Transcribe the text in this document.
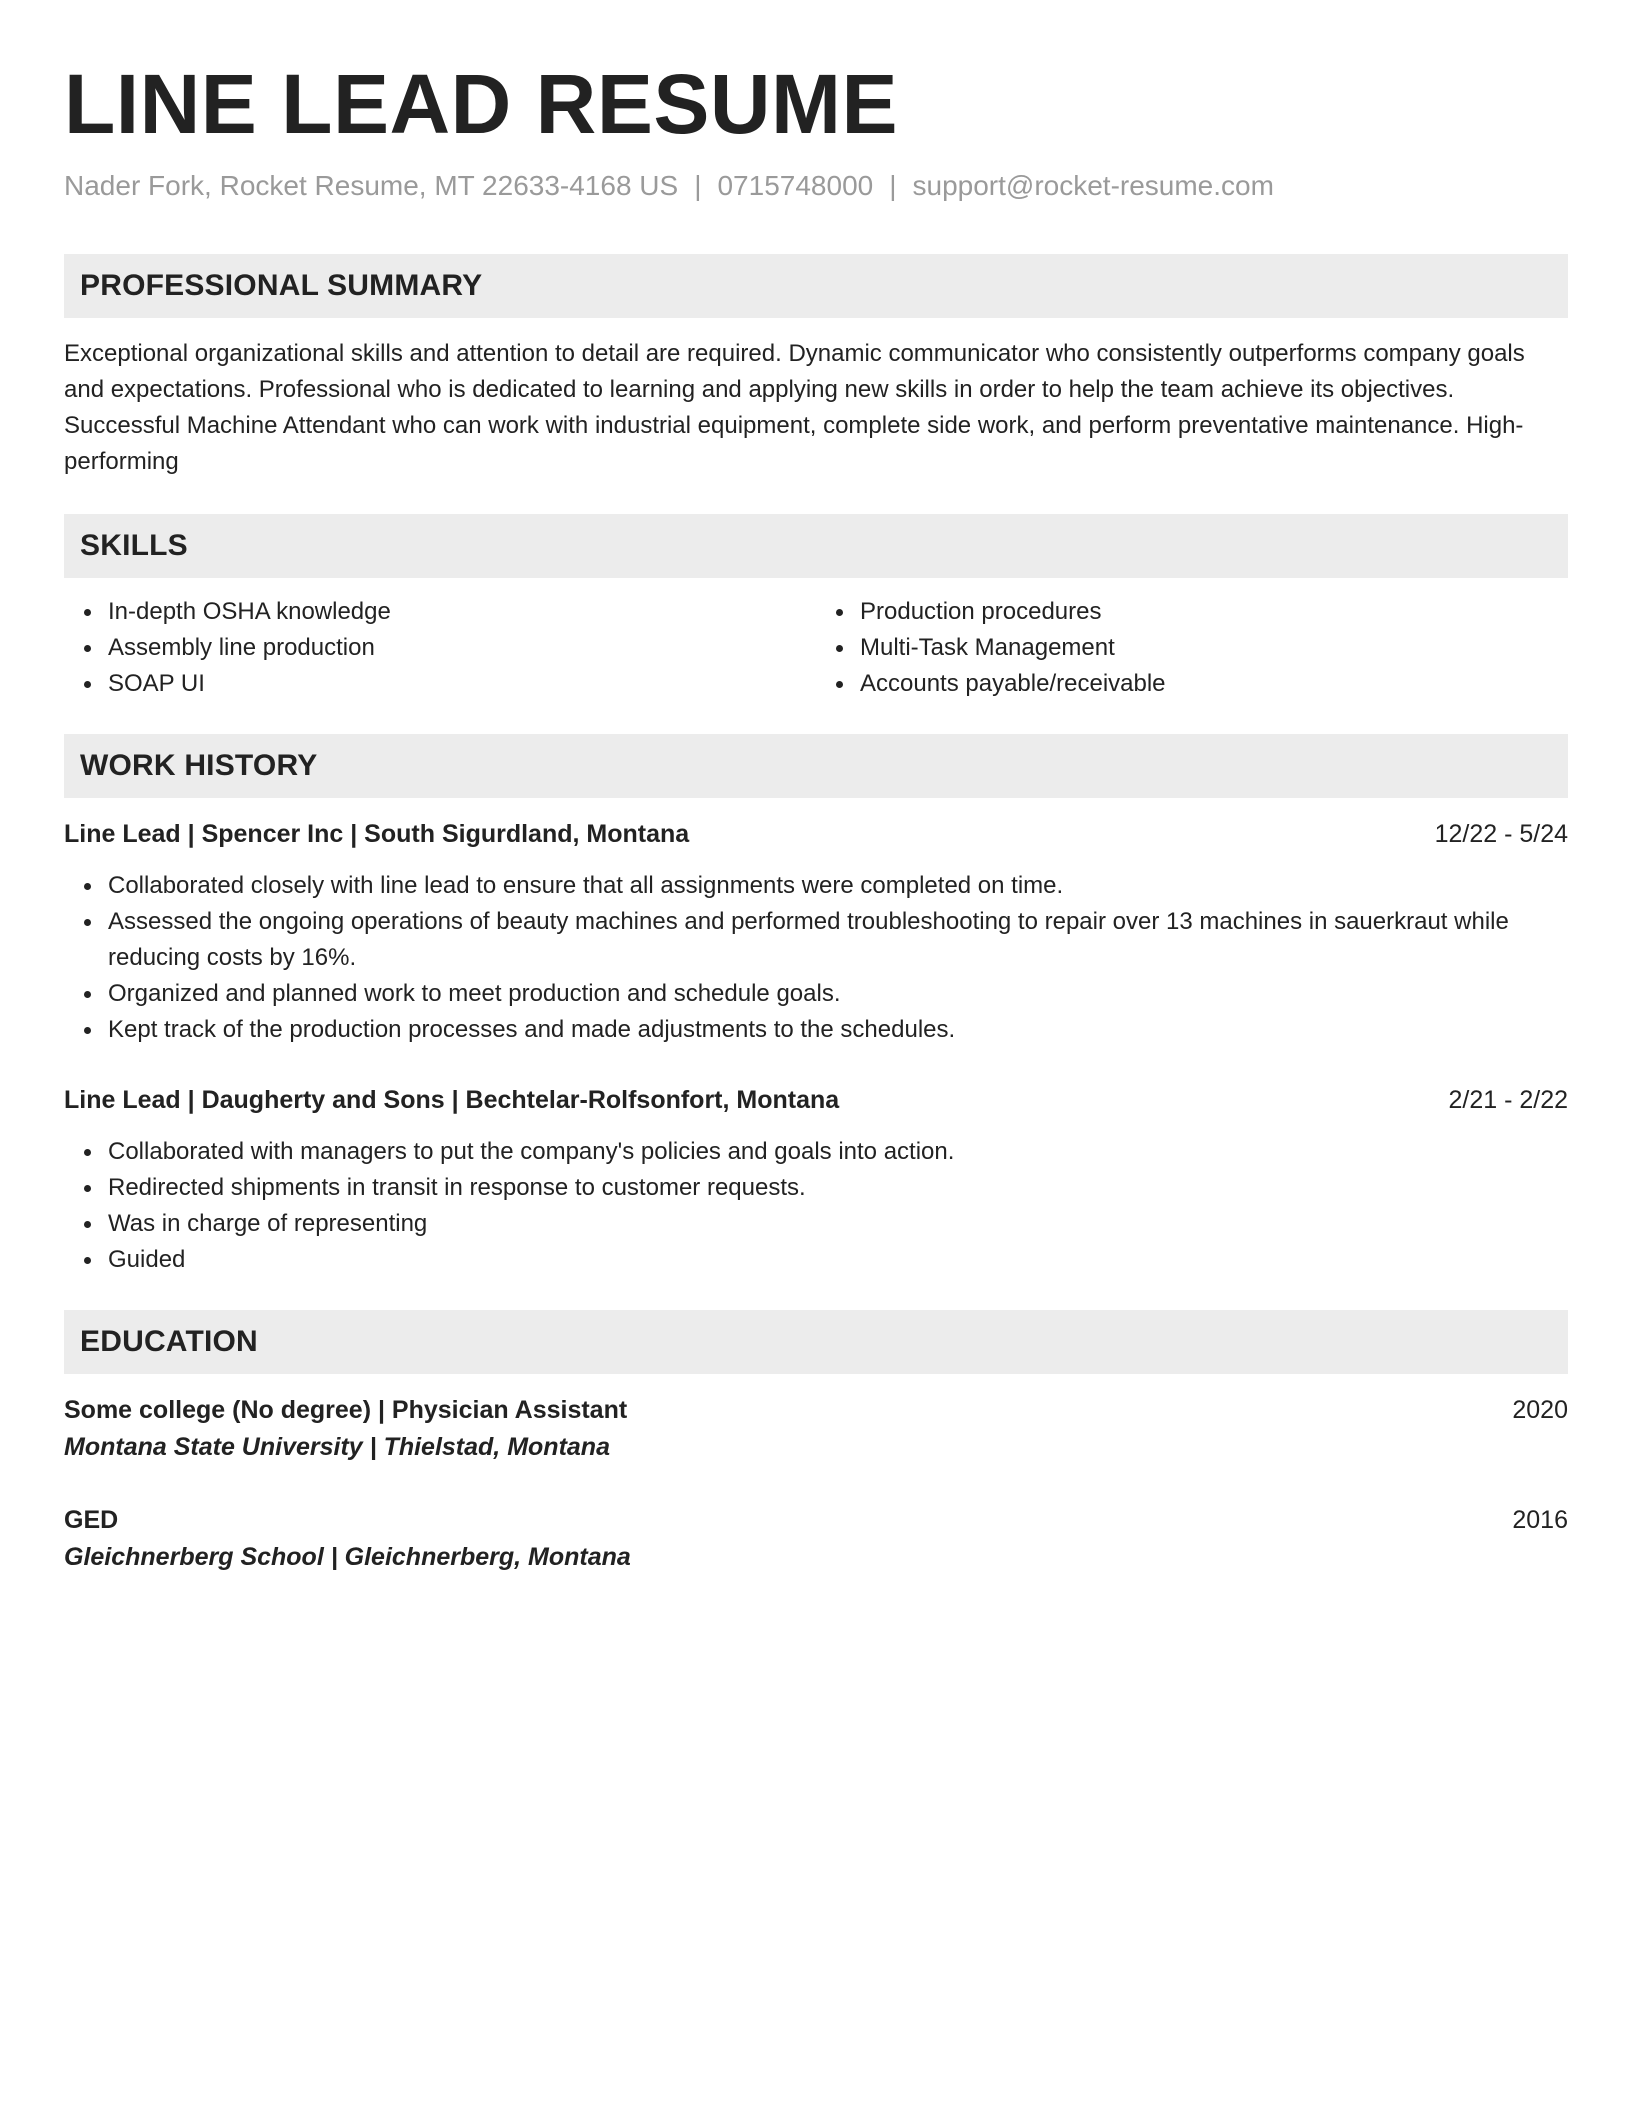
LINE LEAD RESUME
Nader Fork, Rocket Resume, MT 22633-4168 US | 0715748000 | support@rocket-resume.com
PROFESSIONAL SUMMARY
Exceptional organizational skills and attention to detail are required. Dynamic communicator who consistently outperforms company goals and expectations. Professional who is dedicated to learning and applying new skills in order to help the team achieve its objectives. Successful Machine Attendant who can work with industrial equipment, complete side work, and perform preventative maintenance. High-performing
SKILLS
In-depth OSHA knowledge
Assembly line production
SOAP UI
Production procedures
Multi-Task Management
Accounts payable/receivable
WORK HISTORY
Line Lead | Spencer Inc | South Sigurdland, Montana	12/22 - 5/24
Collaborated closely with line lead to ensure that all assignments were completed on time.
Assessed the ongoing operations of beauty machines and performed troubleshooting to repair over 13 machines in sauerkraut while reducing costs by 16%.
Organized and planned work to meet production and schedule goals.
Kept track of the production processes and made adjustments to the schedules.
Line Lead | Daugherty and Sons | Bechtelar-Rolfsonfort, Montana	2/21 - 2/22
Collaborated with managers to put the company's policies and goals into action.
Redirected shipments in transit in response to customer requests.
Was in charge of representing
Guided
EDUCATION
Some college (No degree) | Physician Assistant	2020
Montana State University | Thielstad, Montana
GED	2016
Gleichnerberg School | Gleichnerberg, Montana
